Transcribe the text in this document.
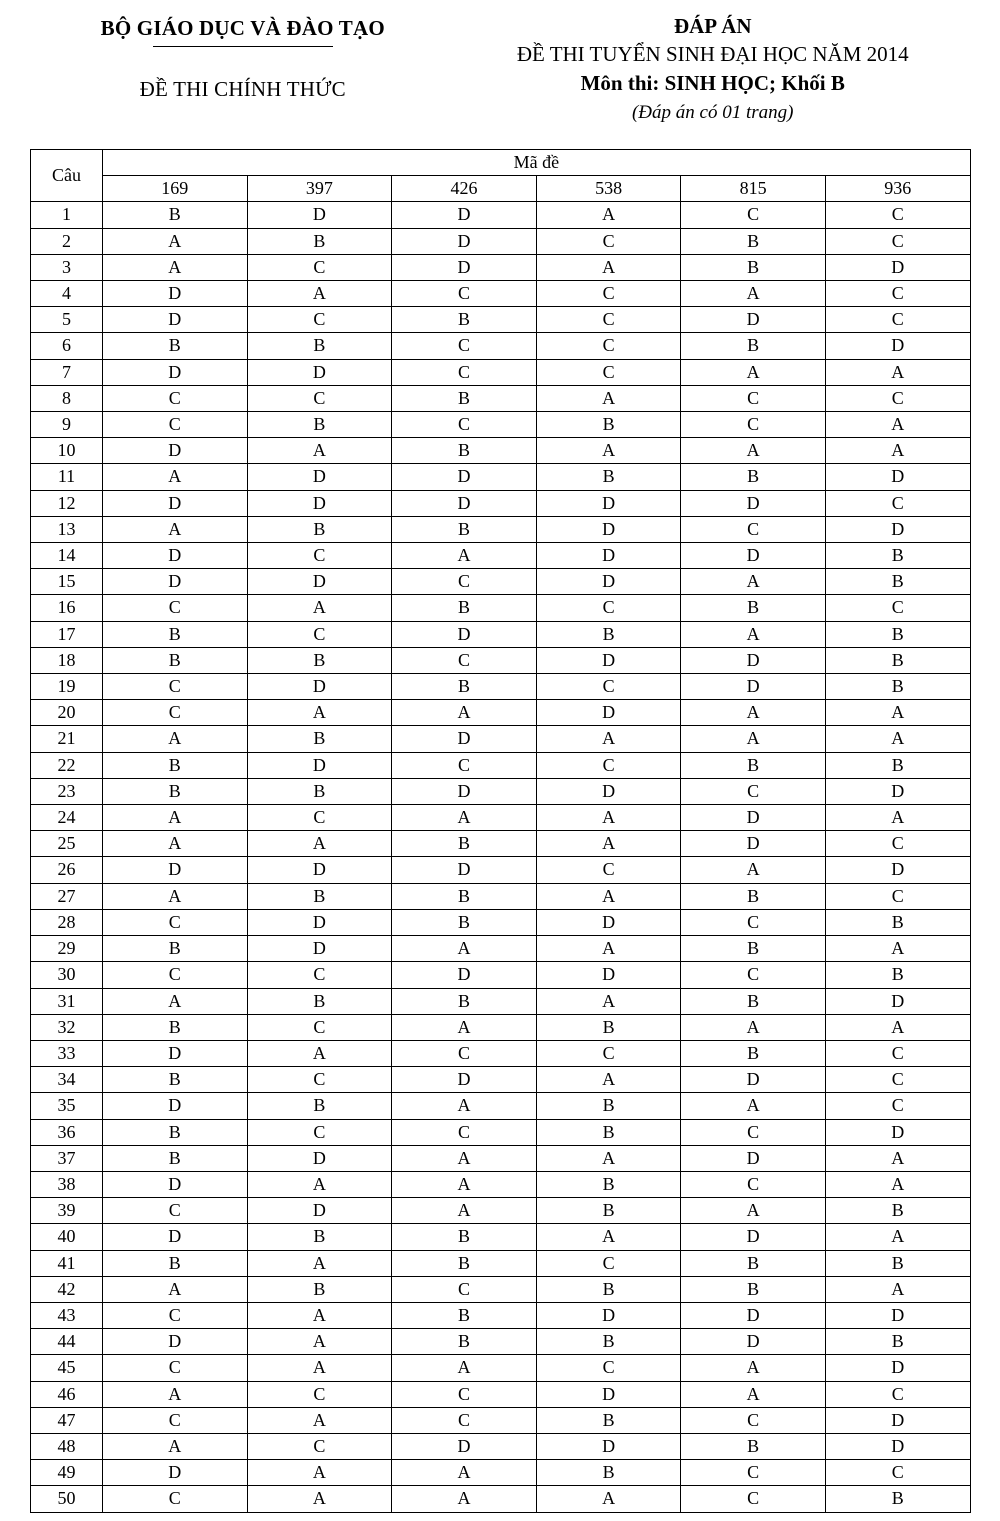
BỘ GIÁO DỤC VÀ ĐÀO TẠO
ĐỀ THI CHÍNH THỨC
ĐÁP ÁN
ĐỀ THI TUYỂN SINH ĐẠI HỌC NĂM 2014
Môn thi: SINH HỌC; Khối B
(Đáp án có 01 trang)
Câu	Mã đề					
	169	397	426	538	815	936
1	B	D	D	A	C	C
2	A	B	D	C	B	C
3	A	C	D	A	B	D
4	D	A	C	C	A	C
5	D	C	B	C	D	C
6	B	B	C	C	B	D
7	D	D	C	C	A	A
8	C	C	B	A	C	C
9	C	B	C	B	C	A
10	D	A	B	A	A	A
11	A	D	D	B	B	D
12	D	D	D	D	D	C
13	A	B	B	D	C	D
14	D	C	A	D	D	B
15	D	D	C	D	A	B
16	C	A	B	C	B	C
17	B	C	D	B	A	B
18	B	B	C	D	D	B
19	C	D	B	C	D	B
20	C	A	A	D	A	A
21	A	B	D	A	A	A
22	B	D	C	C	B	B
23	B	B	D	D	C	D
24	A	C	A	A	D	A
25	A	A	B	A	D	C
26	D	D	D	C	A	D
27	A	B	B	A	B	C
28	C	D	B	D	C	B
29	B	D	A	A	B	A
30	C	C	D	D	C	B
31	A	B	B	A	B	D
32	B	C	A	B	A	A
33	D	A	C	C	B	C
34	B	C	D	A	D	C
35	D	B	A	B	A	C
36	B	C	C	B	C	D
37	B	D	A	A	D	A
38	D	A	A	B	C	A
39	C	D	A	B	A	B
40	D	B	B	A	D	A
41	B	A	B	C	B	B
42	A	B	C	B	B	A
43	C	A	B	D	D	D
44	D	A	B	B	D	B
45	C	A	A	C	A	D
46	A	C	C	D	A	C
47	C	A	C	B	C	D
48	A	C	D	D	B	D
49	D	A	A	B	C	C
50	C	A	A	A	C	B
